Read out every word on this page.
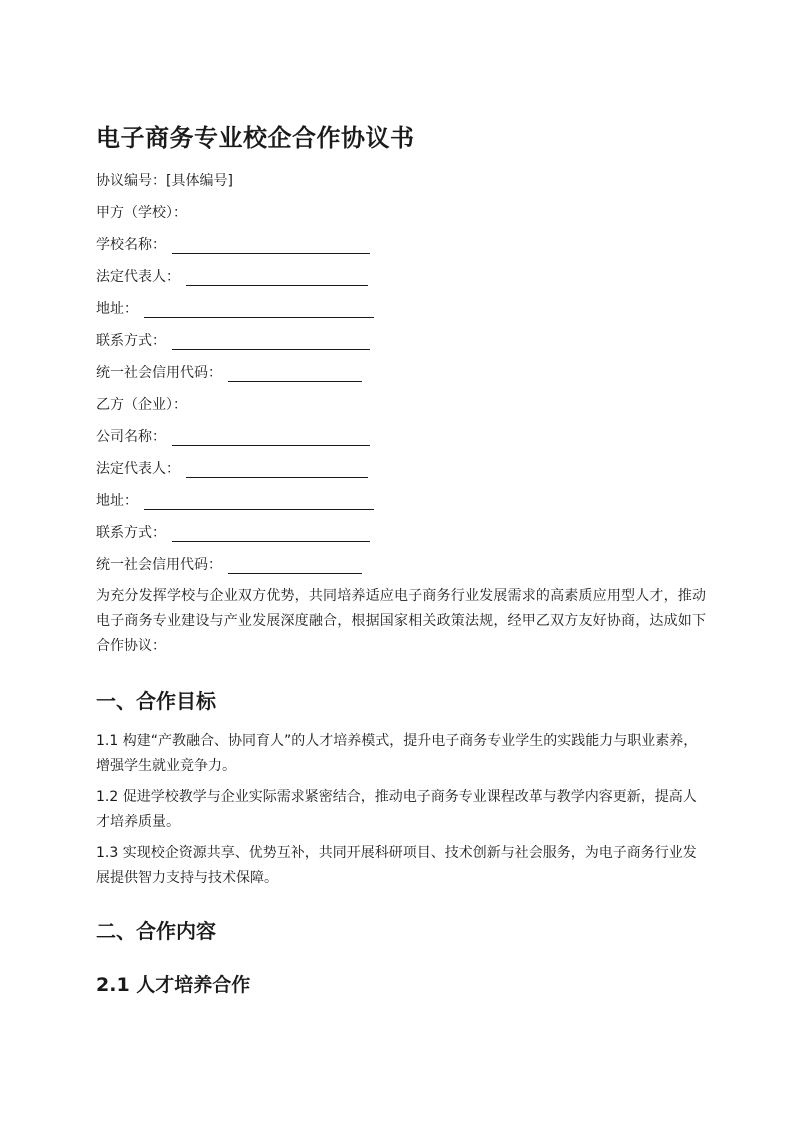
电子商务专业校企合作协议书
协议编号：[具体编号]
甲方（学校）：
学校名称：
法定代表人：
地址：
联系方式：
统一社会信用代码：
乙方（企业）：
公司名称：
法定代表人：
地址：
联系方式：
统一社会信用代码：

为充分发挥学校与企业双方优势，共同培养适应电子商务行业发展需求的高素质应用型人才，推动电子商务专业建设与产业发展深度融合，根据国家相关政策法规，经甲乙双方友好协商，达成如下合作协议：

一、合作目标

1.1 构建“产教融合、协同育人”的人才培养模式，提升电子商务专业学生的实践能力与职业素养，增强学生就业竞争力。

1.2 促进学校教学与企业实际需求紧密结合，推动电子商务专业课程改革与教学内容更新，提高人才培养质量。

1.3 实现校企资源共享、优势互补，共同开展科研项目、技术创新与社会服务，为电子商务行业发展提供智力支持与技术保障。

二、合作内容
2.1 人才培养合作
